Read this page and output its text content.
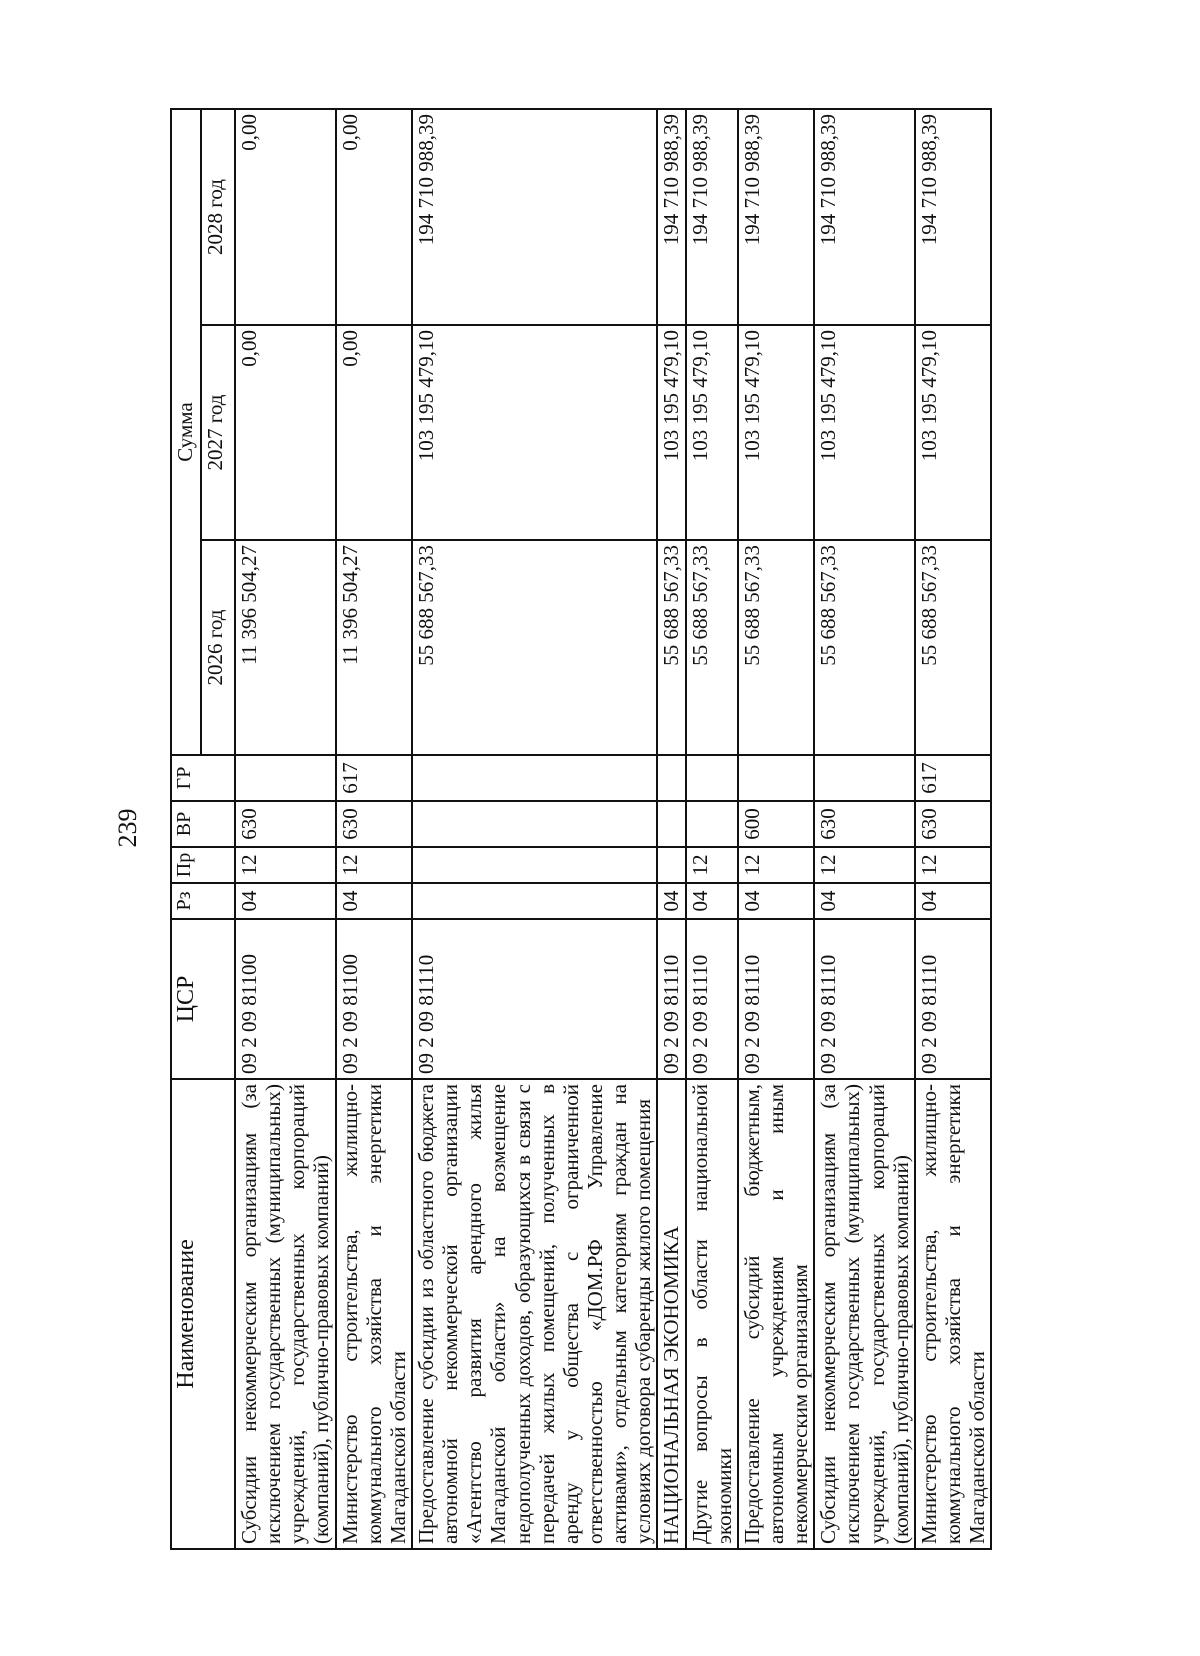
239
Наименование	ЦСР	Рз	Пр	ВР	ГР	Сумма		
						2026 год	2027 год	2028 год
Субсидии некоммерческим организациям (за исключением государственных (муниципальных) учреждений, государственных корпораций (компаний), публично-правовых компаний)	09 2 09 81100	04	12	630		11 396 504,27	0,00	0,00
Министерство строительства, жилищно-коммунального хозяйства и энергетики Магаданской области	09 2 09 81100	04	12	630	617	11 396 504,27	0,00	0,00
Предоставление субсидии из областного бюджета автономной некоммерческой организации «Агентство развития арендного жилья Магаданской области» на возмещение недополученных доходов, образующихся в связи с передачей жилых помещений, полученных в аренду у общества с ограниченной ответственностью «ДОМ.РФ Управление активами», отдельным категориям граждан на условиях договора субаренды жилого помещения	09 2 09 81110					55 688 567,33	103 195 479,10	194 710 988,39
НАЦИОНАЛЬНАЯ ЭКОНОМИКА	09 2 09 81110	04				55 688 567,33	103 195 479,10	194 710 988,39
Другие вопросы в области национальной экономики	09 2 09 81110	04	12			55 688 567,33	103 195 479,10	194 710 988,39
Предоставление субсидий бюджетным, автономным учреждениям и иным некоммерческим организациям	09 2 09 81110	04	12	600		55 688 567,33	103 195 479,10	194 710 988,39
Субсидии некоммерческим организациям (за исключением государственных (муниципальных) учреждений, государственных корпораций (компаний), публично-правовых компаний)	09 2 09 81110	04	12	630		55 688 567,33	103 195 479,10	194 710 988,39
Министерство строительства, жилищно-коммунального хозяйства и энергетики Магаданской области	09 2 09 81110	04	12	630	617	55 688 567,33	103 195 479,10	194 710 988,39
